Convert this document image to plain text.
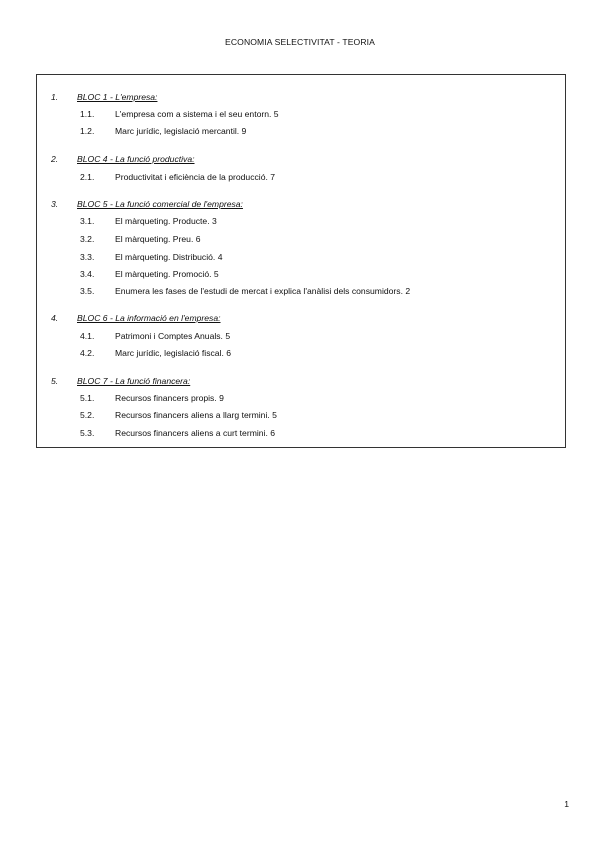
ECONOMIA SELECTIVITAT - TEORIA
1. BLOC 1 - L'empresa:
1.1. L'empresa com a sistema i el seu entorn. 5
1.2. Marc jurídic, legislació mercantil. 9
2. BLOC 4 - La funció productiva:
2.1. Productivitat i eficiència de la producció. 7
3. BLOC 5 - La funció comercial de l'empresa:
3.1. El màrqueting. Producte. 3
3.2. El màrqueting. Preu. 6
3.3. El màrqueting. Distribució. 4
3.4. El màrqueting. Promoció. 5
3.5. Enumera les fases de l'estudi de mercat i explica l'anàlisi dels consumidors. 2
4. BLOC 6 - La informació en l'empresa:
4.1. Patrimoni i Comptes Anuals. 5
4.2. Marc jurídic, legislació fiscal. 6
5. BLOC 7 - La funció financera:
5.1. Recursos financers propis. 9
5.2. Recursos financers aliens a llarg termini. 5
5.3. Recursos financers aliens a curt termini. 6
1
